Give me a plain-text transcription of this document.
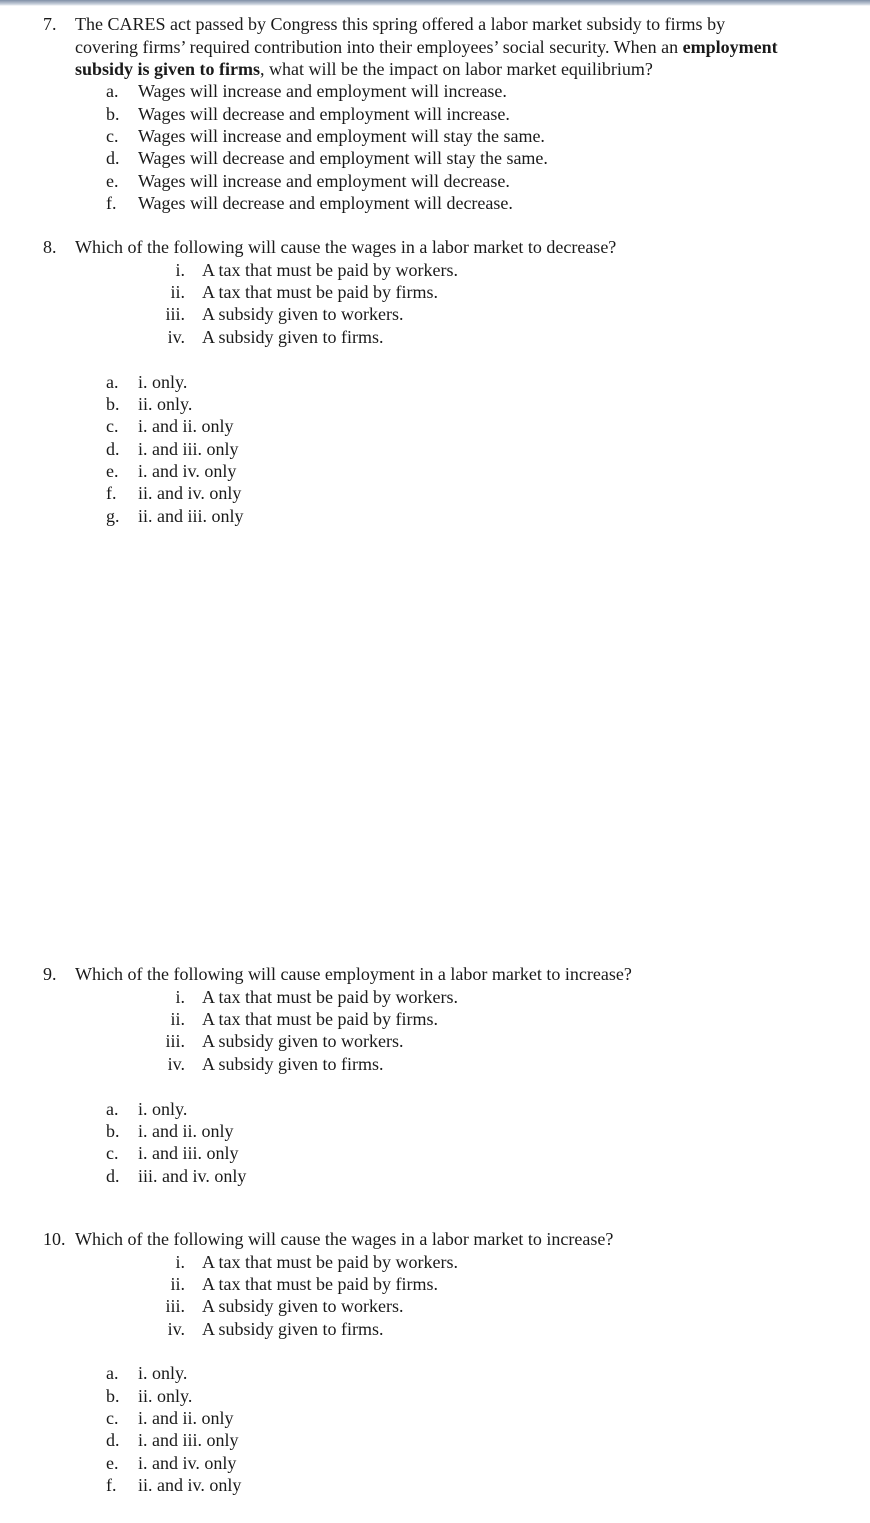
7. The CARES act passed by Congress this spring offered a labor market subsidy to firms by
covering firms’ required contribution into their employees’ social security. When an employment
subsidy is given to firms, what will be the impact on labor market equilibrium?
a. Wages will increase and employment will increase.
b. Wages will decrease and employment will increase.
c. Wages will increase and employment will stay the same.
d. Wages will decrease and employment will stay the same.
e. Wages will increase and employment will decrease.
f. Wages will decrease and employment will decrease.
8. Which of the following will cause the wages in a labor market to decrease?
i. A tax that must be paid by workers.
ii. A tax that must be paid by firms.
iii. A subsidy given to workers.
iv. A subsidy given to firms.
a. i. only.
b. ii. only.
c. i. and ii. only
d. i. and iii. only
e. i. and iv. only
f. ii. and iv. only
g. ii. and iii. only
9. Which of the following will cause employment in a labor market to increase?
i. A tax that must be paid by workers.
ii. A tax that must be paid by firms.
iii. A subsidy given to workers.
iv. A subsidy given to firms.
a. i. only.
b. i. and ii. only
c. i. and iii. only
d. iii. and iv. only
10. Which of the following will cause the wages in a labor market to increase?
i. A tax that must be paid by workers.
ii. A tax that must be paid by firms.
iii. A subsidy given to workers.
iv. A subsidy given to firms.
a. i. only.
b. ii. only.
c. i. and ii. only
d. i. and iii. only
e. i. and iv. only
f. ii. and iv. only
